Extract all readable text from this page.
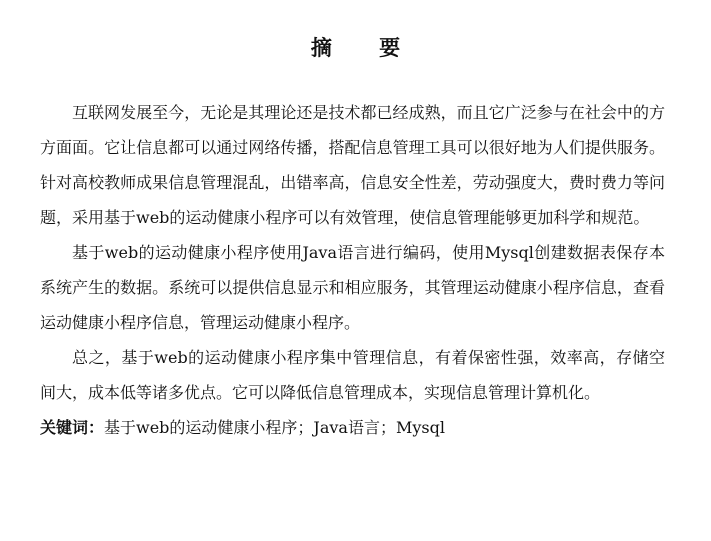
摘 要

互联网发展至今，无论是其理论还是技术都已经成熟，而且它广泛参与在社会中的方方面面。它让信息都可以通过网络传播，搭配信息管理工具可以很好地为人们提供服务。针对高校教师成果信息管理混乱，出错率高，信息安全性差，劳动强度大，费时费力等问题，采用基于web的运动健康小程序可以有效管理，使信息管理能够更加科学和规范。

基于web的运动健康小程序使用Java语言进行编码，使用Mysql创建数据表保存本系统产生的数据。系统可以提供信息显示和相应服务，其管理运动健康小程序信息，查看运动健康小程序信息，管理运动健康小程序。

总之，基于web的运动健康小程序集中管理信息，有着保密性强，效率高，存储空间大，成本低等诸多优点。它可以降低信息管理成本，实现信息管理计算机化。

关键词：基于web的运动健康小程序；Java语言；Mysql
